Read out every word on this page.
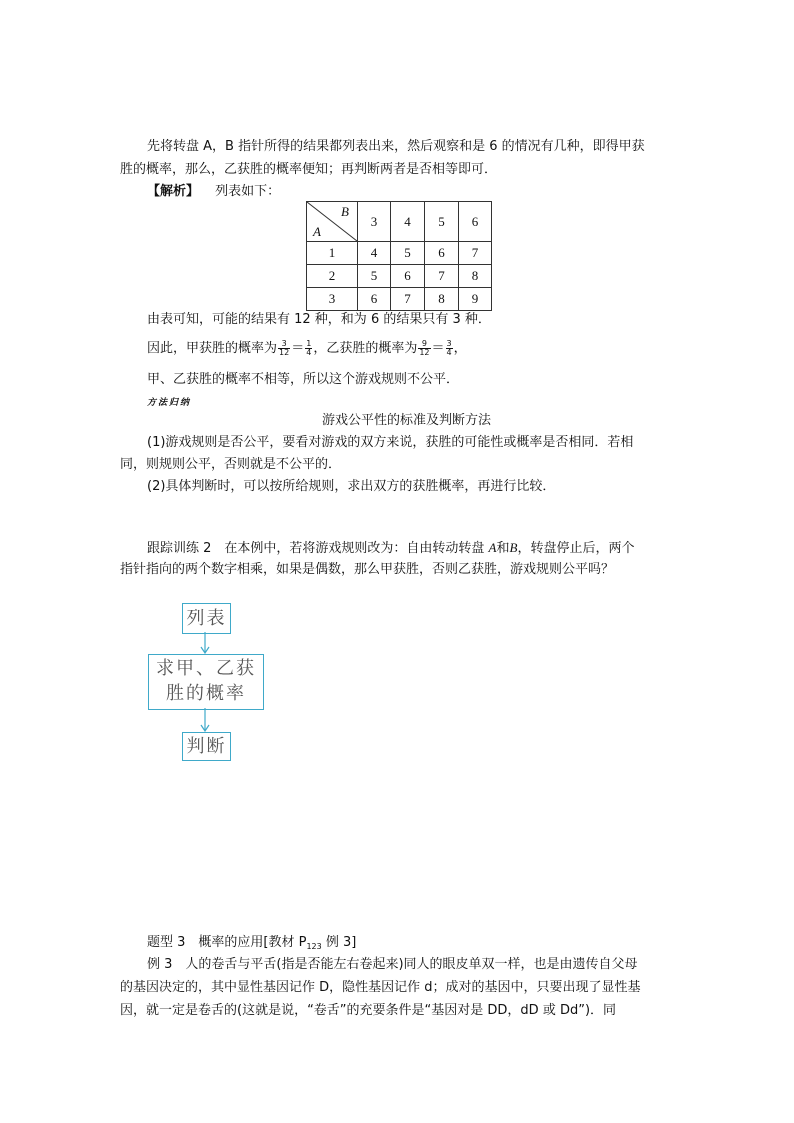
先将转盘 A，B 指针所得的结果都列表出来，然后观察和是 6 的情况有几种，即得甲获
胜的概率，那么，乙获胜的概率便知；再判断两者是否相等即可．
【解析】 列表如下：
B
A	3	4	5	6
1	4	5	6	7
2	5	6	7	8
3	6	7	8	9
由表可知，可能的结果有 12 种，和为 6 的结果只有 3 种．
因此，甲获胜的概率为 $\frac{3}{12} = \frac{1}{4}$ ，乙获胜的概率为 $\frac{9}{12} = \frac{3}{4}$ ，
甲、乙获胜的概率不相等，所以这个游戏规则不公平．
方法归纳
游戏公平性的标准及判断方法
(1)游戏规则是否公平，要看对游戏的双方来说，获胜的可能性或概率是否相同．若相
同，则规则公平，否则就是不公平的．
(2)具体判断时，可以按所给规则，求出双方的获胜概率，再进行比较．
跟踪训练 2　在本例中，若将游戏规则改为：自由转动转盘 A和B，转盘停止后，两个
指针指向的两个数字相乘，如果是偶数，那么甲获胜，否则乙获胜，游戏规则公平吗？
列表
求甲、乙获
胜的概率
判断
题型 3　概率的应用[教材 $P_{123}$ 例 3]
例 3　人的卷舌与平舌(指是否能左右卷起来)同人的眼皮单双一样，也是由遗传自父母
的基因决定的，其中显性基因记作 D，隐性基因记作 d；成对的基因中，只要出现了显性基
因，就一定是卷舌的(这就是说，“卷舌”的充要条件是“基因对是 DD，dD 或 Dd”)．同
